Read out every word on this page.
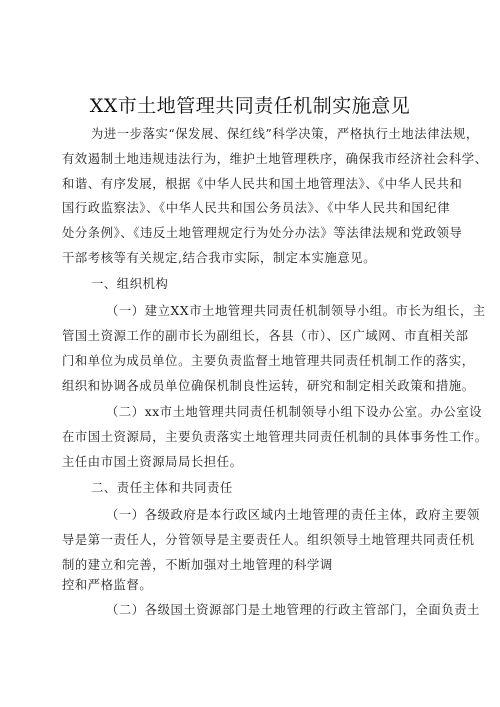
XX市土地管理共同责任机制实施意见
为进一步落实“保发展、保红线”科学决策，严格执行土地法律法规，
有效遏制土地违规违法行为，维护土地管理秩序，确保我市经济社会科学、
和谐、有序发展，根据《中华人民共和国土地管理法》、《中华人民共和
国行政监察法》、《中华人民共和国公务员法》、《中华人民共和国纪律
处分条例》、《违反土地管理规定行为处分办法》等法律法规和党政领导
干部考核等有关规定,结合我市实际，制定本实施意见。
一、组织机构
（一）建立XX市土地管理共同责任机制领导小组。市长为组长，主
管国土资源工作的副市长为副组长，各县（市）、区广域网、市直相关部
门和单位为成员单位。主要负责监督土地管理共同责任机制工作的落实，
组织和协调各成员单位确保机制良性运转，研究和制定相关政策和措施。
（二）xx市土地管理共同责任机制领导小组下设办公室。办公室设
在市国土资源局，主要负责落实土地管理共同责任机制的具体事务性工作。
主任由市国土资源局局长担任。
二、责任主体和共同责任
（一）各级政府是本行政区域内土地管理的责任主体，政府主要领
导是第一责任人，分管领导是主要责任人。组织领导土地管理共同责任机
制的建立和完善，不断加强对土地管理的科学调
控和严格监督。
（二）各级国土资源部门是土地管理的行政主管部门，全面负责土
